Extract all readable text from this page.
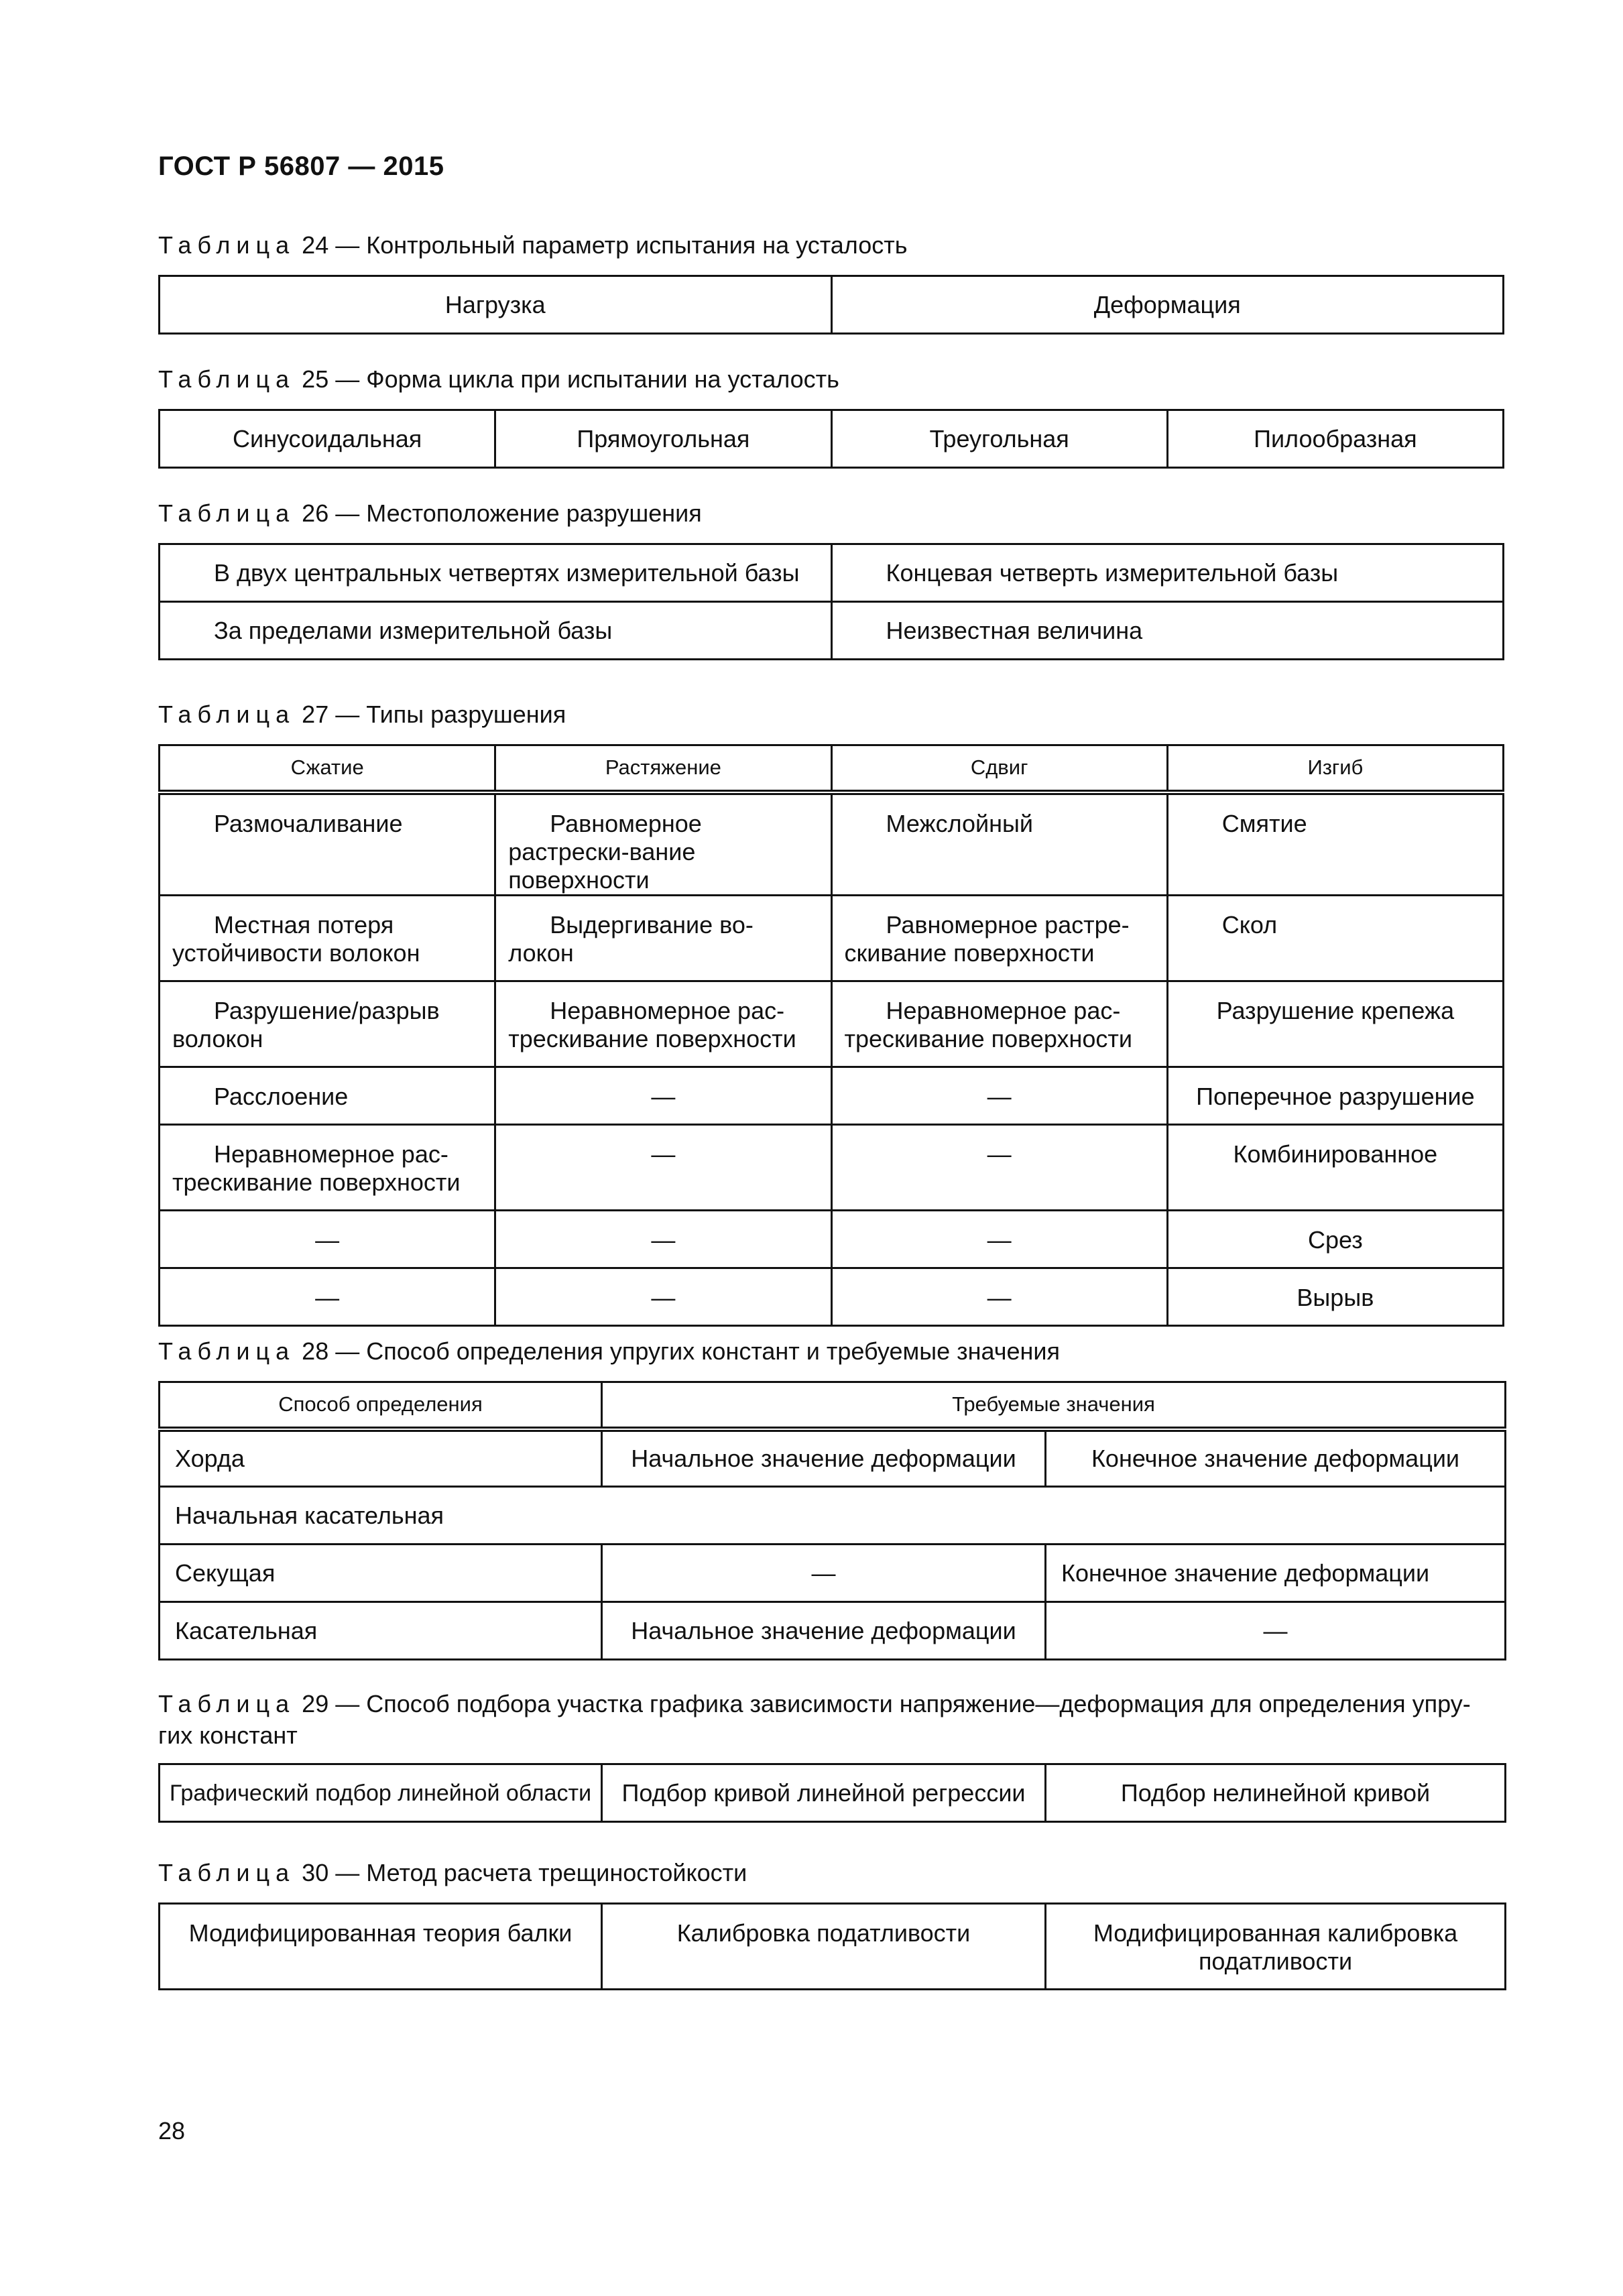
ГОСТ Р 56807 — 2015
Таблица 24 — Контрольный параметр испытания на усталость
Нагрузка	Деформация
Таблица 25 — Форма цикла при испытании на усталость
Синусоидальная	Прямоугольная	Треугольная	Пилообразная
Таблица 26 — Местоположение разрушения
В двух центральных четвертях измерительной базы	Концевая четверть измерительной базы
За пределами измерительной базы	Неизвестная величина
Таблица 27 — Типы разрушения
Сжатие	Растяжение	Сдвиг	Изгиб
Размочаливание	Равномерное растрески-вание поверхности	Межслойный	Смятие
Местная потеря устойчивости волокон	Выдергивание во-локон	Равномерное растре-скивание поверхности	Скол
Разрушение/разрыв волокон	Неравномерное рас-трескивание поверхности	Неравномерное рас-трескивание поверхности	Разрушение крепежа
Расслоение	—	—	Поперечное разрушение
Неравномерное рас-трескивание поверхности	—	—	Комбинированное
—	—	—	Срез
—	—	—	Вырыв
Таблица 28 — Способ определения упругих констант и требуемые значения
Способ определения	Требуемые значения	
Хорда	Начальное значение деформации	Конечное значение деформации
Начальная касательная		
Секущая	—	Конечное значение деформации
Касательная	Начальное значение деформации	—
Таблица 29 — Способ подбора участка графика зависимости напряжение—деформация для определения упру-гих констант
Графический подбор линейной области	Подбор кривой линейной регрессии	Подбор нелинейной кривой
Таблица 30 — Метод расчета трещиностойкости
Модифицированная теория балки	Калибровка податливости	Модифицированная калибровка податливости
28
